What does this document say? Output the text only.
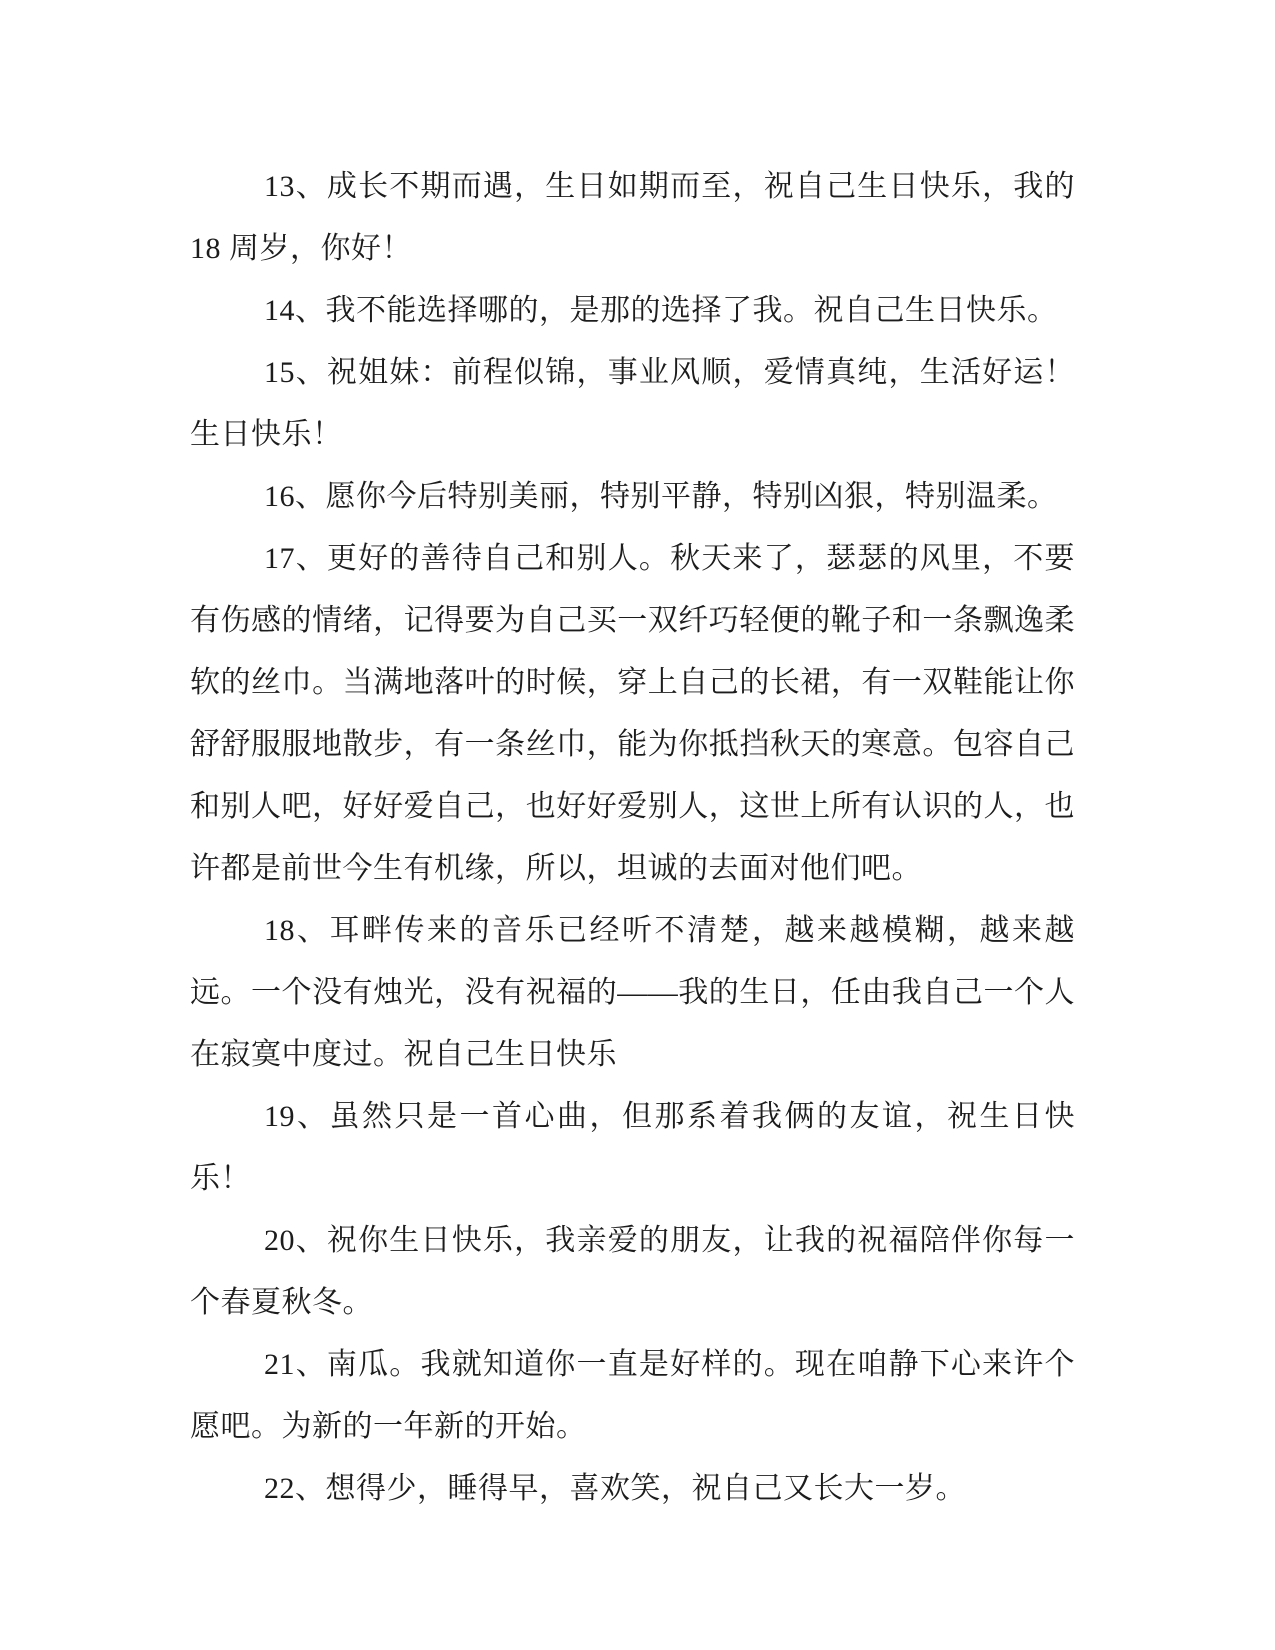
13、成长不期而遇，生日如期而至，祝自己生日快乐，我的 18 周岁，你好！

14、我不能选择哪的，是那的选择了我。祝自己生日快乐。

15、祝姐妹：前程似锦，事业风顺，爱情真纯，生活好运！生日快乐！

16、愿你今后特别美丽，特别平静，特别凶狠，特别温柔。

17、更好的善待自己和别人。秋天来了，瑟瑟的风里，不要有伤感的情绪，记得要为自己买一双纤巧轻便的靴子和一条飘逸柔软的丝巾。当满地落叶的时候，穿上自己的长裙，有一双鞋能让你舒舒服服地散步，有一条丝巾，能为你抵挡秋天的寒意。包容自己和别人吧，好好爱自己，也好好爱别人，这世上所有认识的人，也许都是前世今生有机缘，所以，坦诚的去面对他们吧。

18、耳畔传来的音乐已经听不清楚，越来越模糊，越来越远。一个没有烛光，没有祝福的——我的生日，任由我自己一个人在寂寞中度过。祝自己生日快乐

19、虽然只是一首心曲，但那系着我俩的友谊，祝生日快乐！

20、祝你生日快乐，我亲爱的朋友，让我的祝福陪伴你每一个春夏秋冬。

21、南瓜。我就知道你一直是好样的。现在咱静下心来许个愿吧。为新的一年新的开始。

22、想得少，睡得早，喜欢笑，祝自己又长大一岁。
